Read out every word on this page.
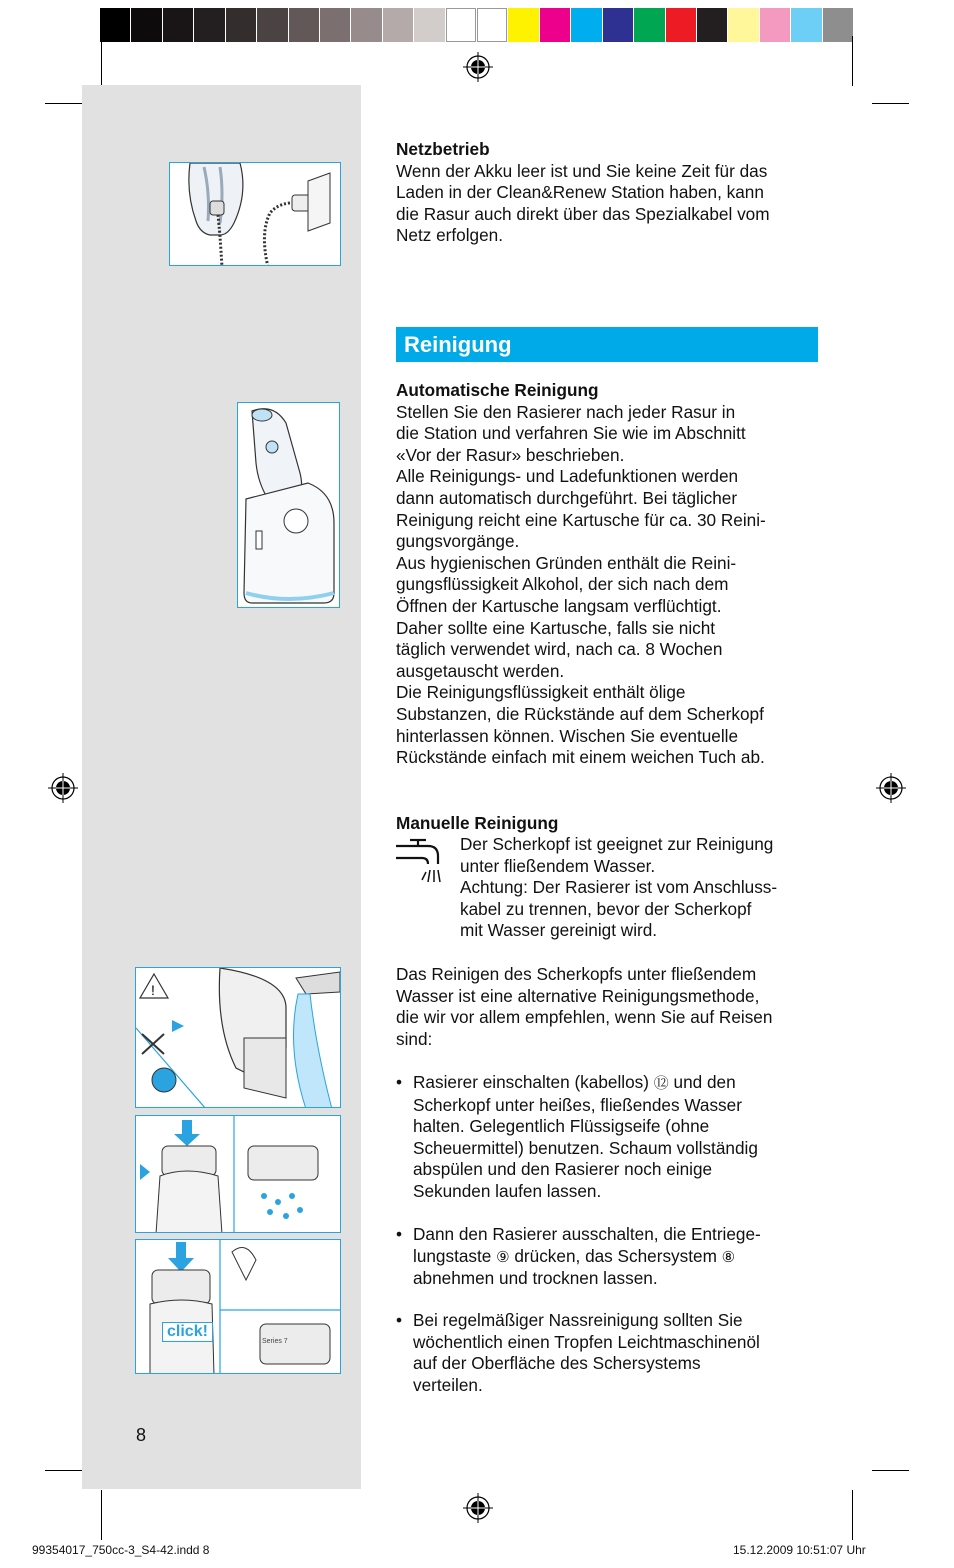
!
click!
Series 7
Netzbetrieb
Wenn der Akku leer ist und Sie keine Zeit für das
Laden in der Clean&Renew Station haben, kann
die Rasur auch direkt über das Spezialkabel vom
Netz erfolgen.
Reinigung
Automatische Reinigung
Stellen Sie den Rasierer nach jeder Rasur in
die Station und verfahren Sie wie im Abschnitt
«Vor der Rasur» beschrieben.
Alle Reinigungs- und Ladefunktionen werden
dann automatisch durchgeführt. Bei täglicher
Reinigung reicht eine Kartusche für ca. 30 Reini-
gungsvorgänge.
Aus hygienischen Gründen enthält die Reini-
gungsflüssigkeit Alkohol, der sich nach dem
Öffnen der Kartusche langsam verflüchtigt.
Daher sollte eine Kartusche, falls sie nicht
täglich verwendet wird, nach ca. 8 Wochen
ausgetauscht werden.
Die Reinigungsflüssigkeit enthält ölige
Substanzen, die Rückstände auf dem Scherkopf
hinterlassen können. Wischen Sie eventuelle
Rückstände einfach mit einem weichen Tuch ab.
Manuelle Reinigung
Der Scherkopf ist geeignet zur Reinigung
unter fließendem Wasser.
Achtung: Der Rasierer ist vom Anschluss-
kabel zu trennen, bevor der Scherkopf
mit Wasser gereinigt wird.
Das Reinigen des Scherkopfs unter fließendem
Wasser ist eine alternative Reinigungsmethode,
die wir vor allem empfehlen, wenn Sie auf Reisen
sind:
• Rasierer einschalten (kabellos) ⑫ und den
Scherkopf unter heißes, fließendes Wasser
halten. Gelegentlich Flüssigseife (ohne
Scheuermittel) benutzen. Schaum vollständig
abspülen und den Rasierer noch einige
Sekunden laufen lassen.
• Dann den Rasierer ausschalten, die Entriege-
lungstaste ⑨ drücken, das Schersystem ⑧
abnehmen und trocknen lassen.
• Bei regelmäßiger Nassreinigung sollten Sie
wöchentlich einen Tropfen Leichtmaschinenöl
auf der Oberfläche des Schersystems
verteilen.
8
99354017_750cc-3_S4-42.indd 8	15.12.2009 10:51:07 Uhr
